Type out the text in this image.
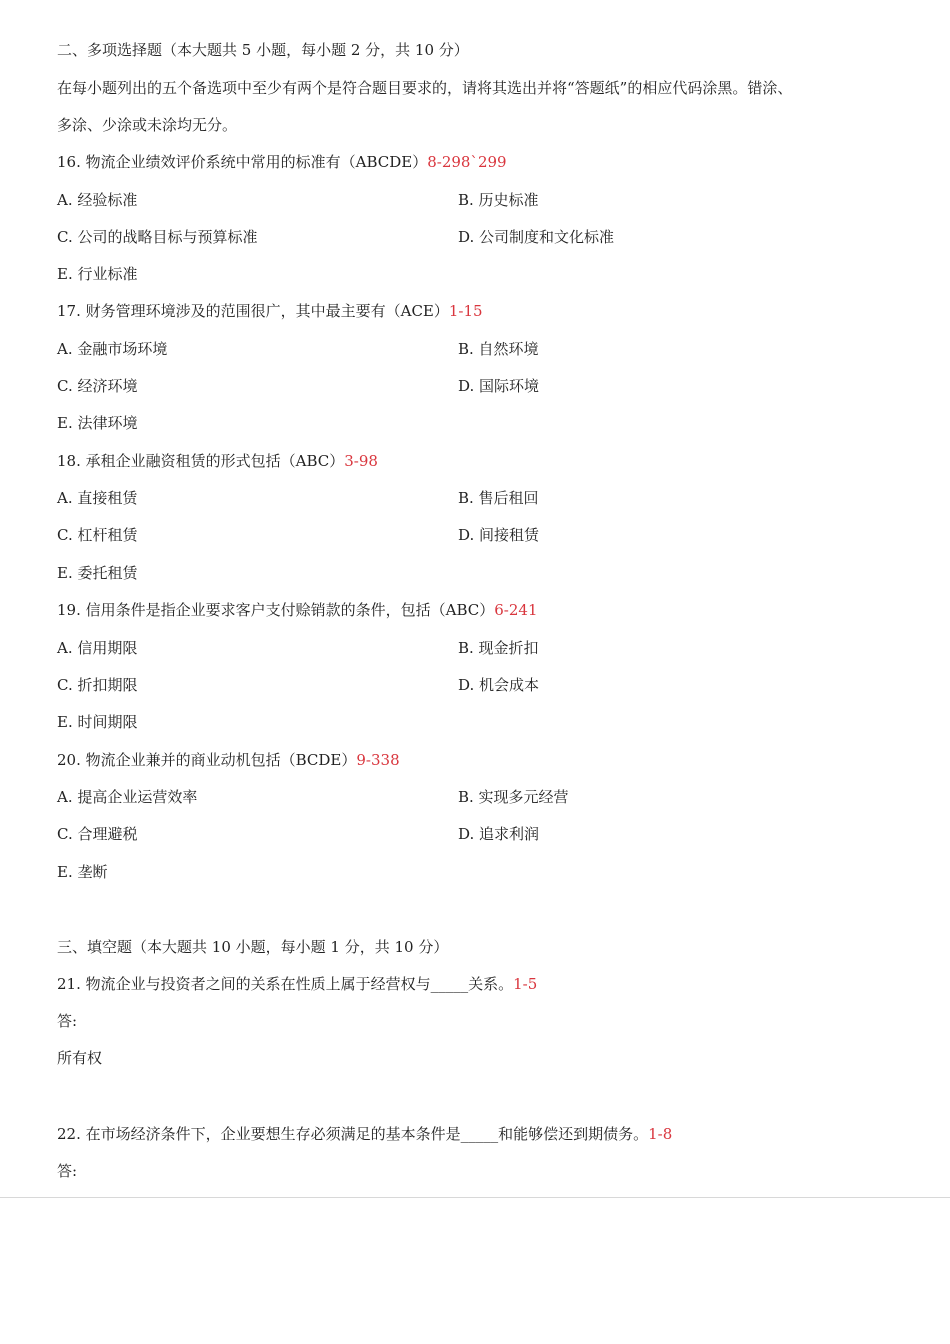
二、多项选择题（本大题共 5 小题，每小题 2 分，共 10 分）
在每小题列出的五个备选项中至少有两个是符合题目要求的，请将其选出并将“答题纸”的相应代码涂黑。错涂、
多涂、少涂或未涂均无分。
16. 物流企业绩效评价系统中常用的标准有（ABCDE）8-298`299
A. 经验标准	B. 历史标准
C. 公司的战略目标与预算标准	D. 公司制度和文化标准
E. 行业标准
17. 财务管理环境涉及的范围很广，其中最主要有（ACE）1-15
A. 金融市场环境	B. 自然环境
C. 经济环境	D. 国际环境
E. 法律环境
18. 承租企业融资租赁的形式包括（ABC）3-98
A. 直接租赁	B. 售后租回
C. 杠杆租赁	D. 间接租赁
E. 委托租赁
19. 信用条件是指企业要求客户支付赊销款的条件，包括（ABC）6-241
A. 信用期限	B. 现金折扣
C. 折扣期限	D. 机会成本
E. 时间期限
20. 物流企业兼并的商业动机包括（BCDE）9-338
A. 提高企业运营效率	B. 实现多元经营
C. 合理避税	D. 追求利润
E. 垄断
三、填空题（本大题共 10 小题，每小题 1 分，共 10 分）
21. 物流企业与投资者之间的关系在性质上属于经营权与_____关系。1-5
答:
所有权
22. 在市场经济条件下，企业要想生存必须满足的基本条件是_____和能够偿还到期债务。1-8
答:
